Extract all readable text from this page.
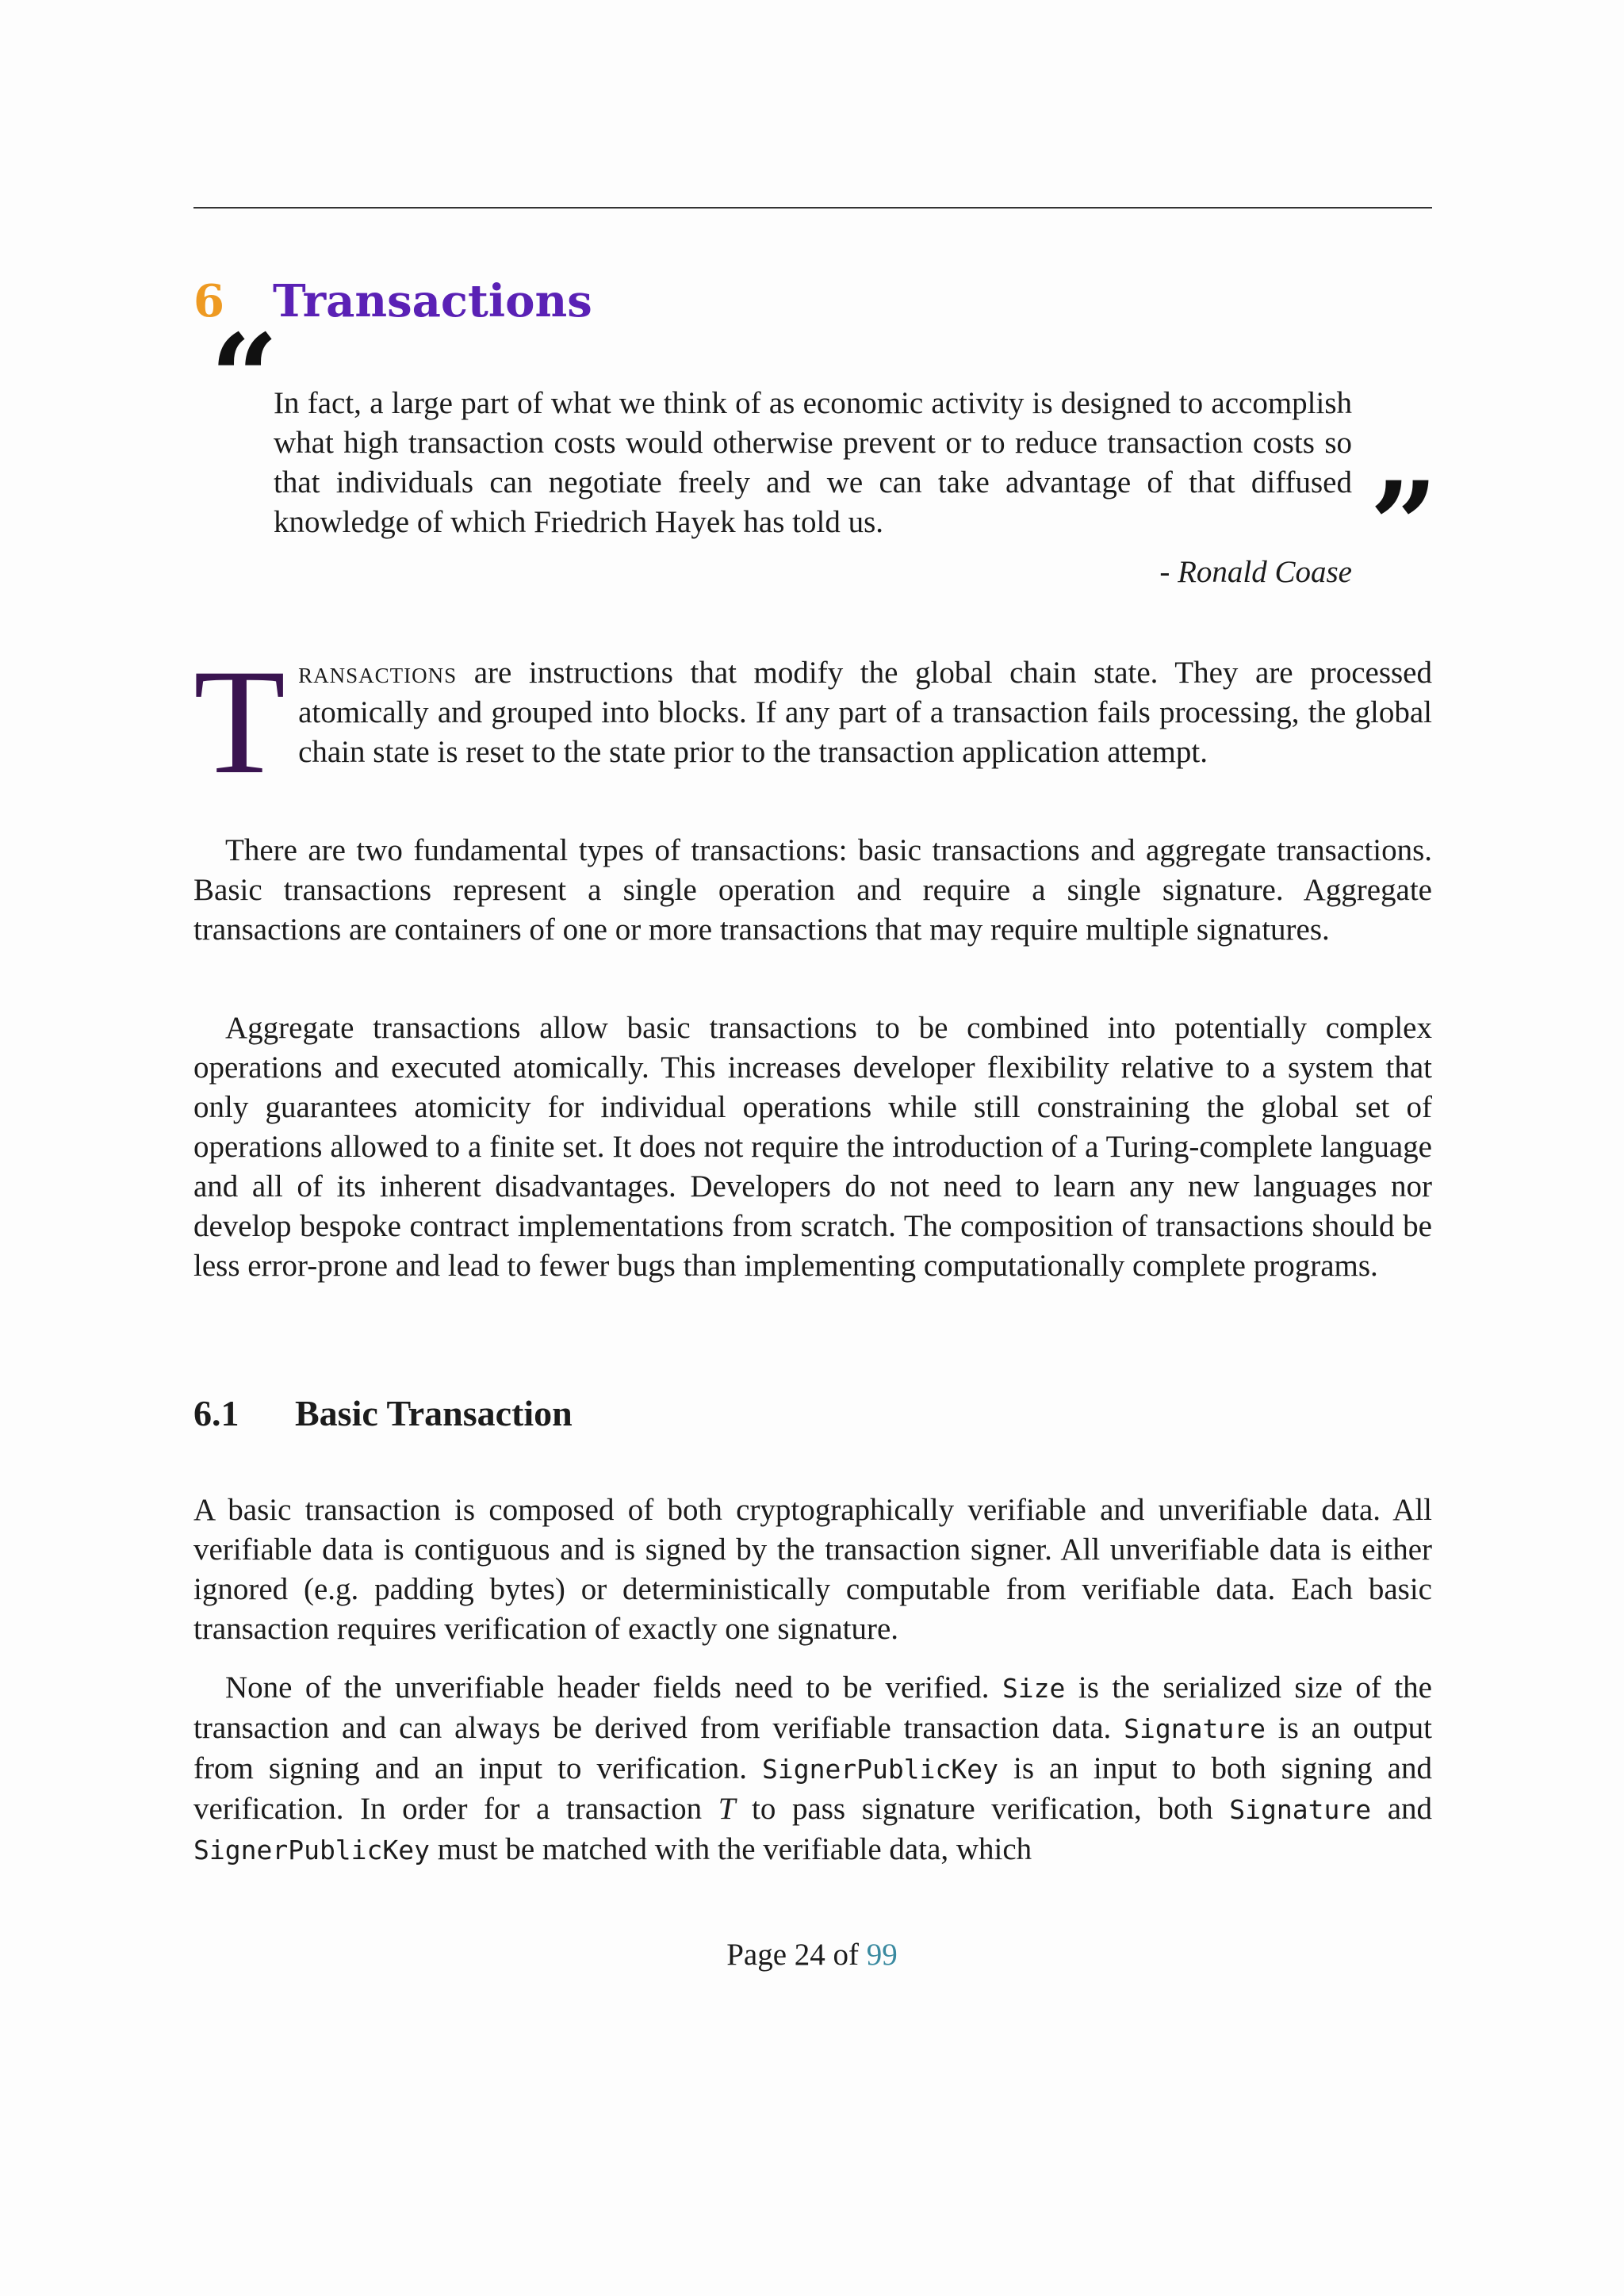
6 Transactions
“
In fact, a large part of what we think of as economic activity is designed to accomplish what high transaction costs would otherwise prevent or to reduce transaction costs so that individuals can negotiate freely and we can take advantage of that diffused knowledge of which Friedrich Hayek has told us.	”
- Ronald Coase
Transactions are instructions that modify the global chain state. They are processed atomically and grouped into blocks. If any part of a transaction fails processing, the global chain state is reset to the state prior to the transaction application attempt.
There are two fundamental types of transactions: basic transactions and aggregate transactions. Basic transactions represent a single operation and require a single signature. Aggregate transactions are containers of one or more transactions that may require multiple signatures.
Aggregate transactions allow basic transactions to be combined into potentially complex operations and executed atomically. This increases developer flexibility relative to a system that only guarantees atomicity for individual operations while still constraining the global set of operations allowed to a finite set. It does not require the introduction of a Turing-complete language and all of its inherent disadvantages. Developers do not need to learn any new languages nor develop bespoke contract implementations from scratch. The composition of transactions should be less error-prone and lead to fewer bugs than implementing computationally complete programs.
6.1 Basic Transaction
A basic transaction is composed of both cryptographically verifiable and unverifiable data. All verifiable data is contiguous and is signed by the transaction signer. All unverifiable data is either ignored (e.g. padding bytes) or deterministically computable from verifiable data. Each basic transaction requires verification of exactly one signature.
None of the unverifiable header fields need to be verified. Size is the serialized size of the transaction and can always be derived from verifiable transaction data. Signature is an output from signing and an input to verification. SignerPublicKey is an input to both signing and verification. In order for a transaction T to pass signature verification, both Signature and SignerPublicKey must be matched with the verifiable data, which
Page 24 of 99
